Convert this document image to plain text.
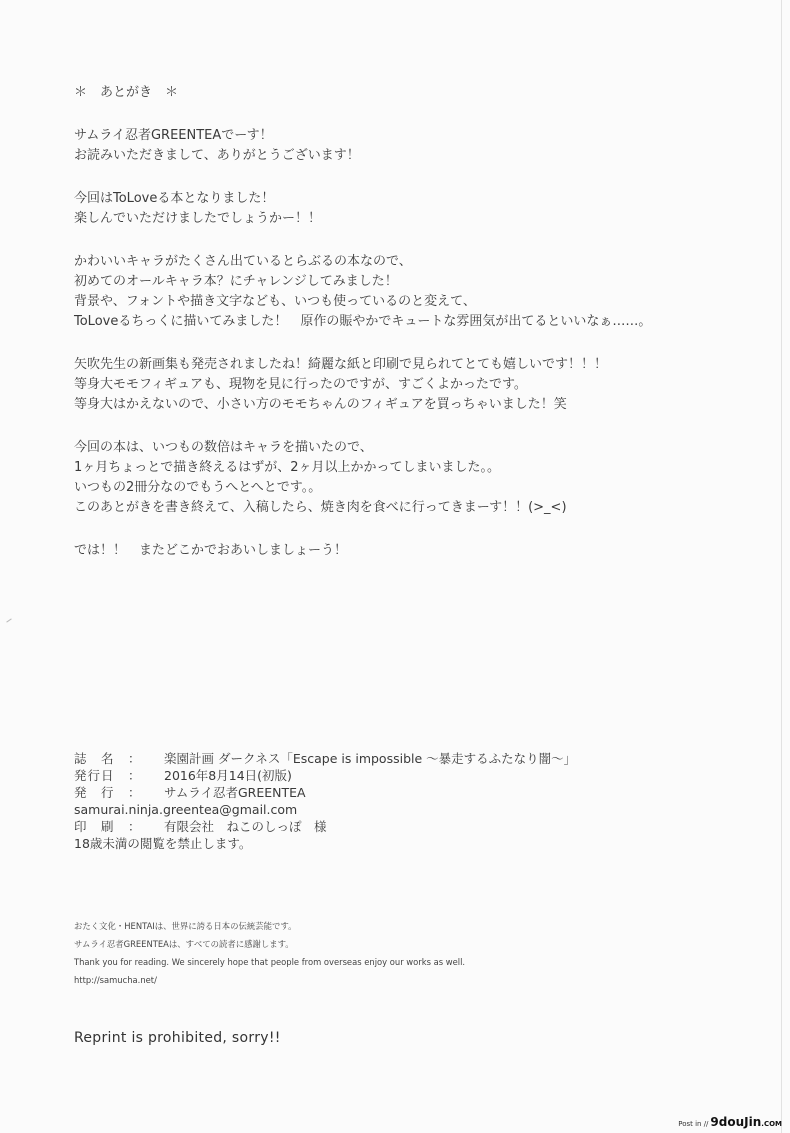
＊　あとがき　＊
サムライ忍者GREENTEAでーす！
お読みいただきまして、ありがとうございます！
今回はToLoveる本となりました！
楽しんでいただけましたでしょうかー！！
かわいいキャラがたくさん出ているとらぶるの本なので、
初めてのオールキャラ本？にチャレンジしてみました！
背景や、フォントや描き文字なども、いつも使っているのと変えて、
ToLoveるちっくに描いてみました！　原作の賑やかでキュートな雰囲気が出てるといいなぁ……。
矢吹先生の新画集も発売されましたね！綺麗な紙と印刷で見られてとても嬉しいです！！！
等身大モモフィギュアも、現物を見に行ったのですが、すごくよかったです。
等身大はかえないので、小さい方のモモちゃんのフィギュアを買っちゃいました！笑
今回の本は、いつもの数倍はキャラを描いたので、
1ヶ月ちょっとで描き終えるはずが、2ヶ月以上かかってしまいました。。
いつもの2冊分なのでもうへとへとです。。
このあとがきを書き終えて、入稿したら、焼き肉を食べに行ってきまーす！！(>_<)
では！！　またどこかでおあいしましょーう！
誌　名　：	楽園計画 ダークネス「Escape is impossible ～暴走するふたなり闇～」
発行日　：	2016年8月14日(初版)
発　行　：	サムライ忍者GREENTEA
samurai.ninja.greentea@gmail.com
印　刷　：	有限会社　ねこのしっぽ　様
18歳未満の閲覧を禁止します。
おたく文化・HENTAIは、世界に誇る日本の伝統芸能です。
サムライ忍者GREENTEAは、すべての読者に感謝します。
Thank you for reading. We sincerely hope that people from overseas enjoy our works as well.
http://samucha.net/
Reprint is prohibited, sorry!!
Post in // 9douJin .COM
